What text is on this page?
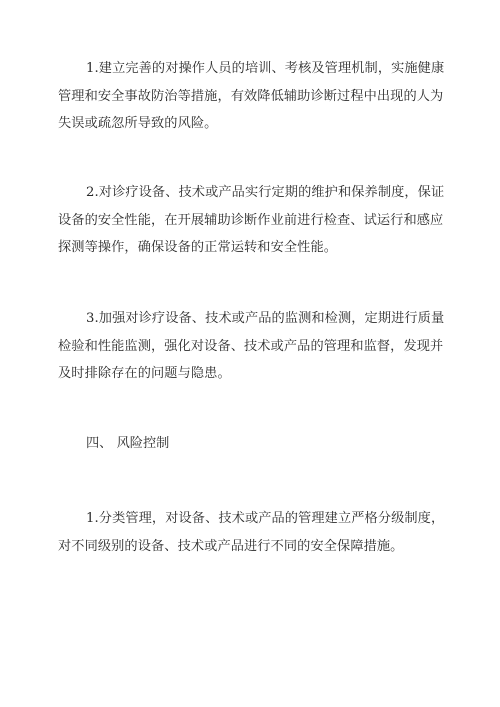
1.建立完善的对操作人员的培训、考核及管理机制，实施健康管理和安全事故防治等措施，有效降低辅助诊断过程中出现的人为失误或疏忽所导致的风险。

2.对诊疗设备、技术或产品实行定期的维护和保养制度，保证设备的安全性能，在开展辅助诊断作业前进行检查、试运行和感应探测等操作，确保设备的正常运转和安全性能。

3.加强对诊疗设备、技术或产品的监测和检测，定期进行质量检验和性能监测，强化对设备、技术或产品的管理和监督，发现并及时排除存在的问题与隐患。

四、 风险控制

1.分类管理，对设备、技术或产品的管理建立严格分级制度，对不同级别的设备、技术或产品进行不同的安全保障措施。
